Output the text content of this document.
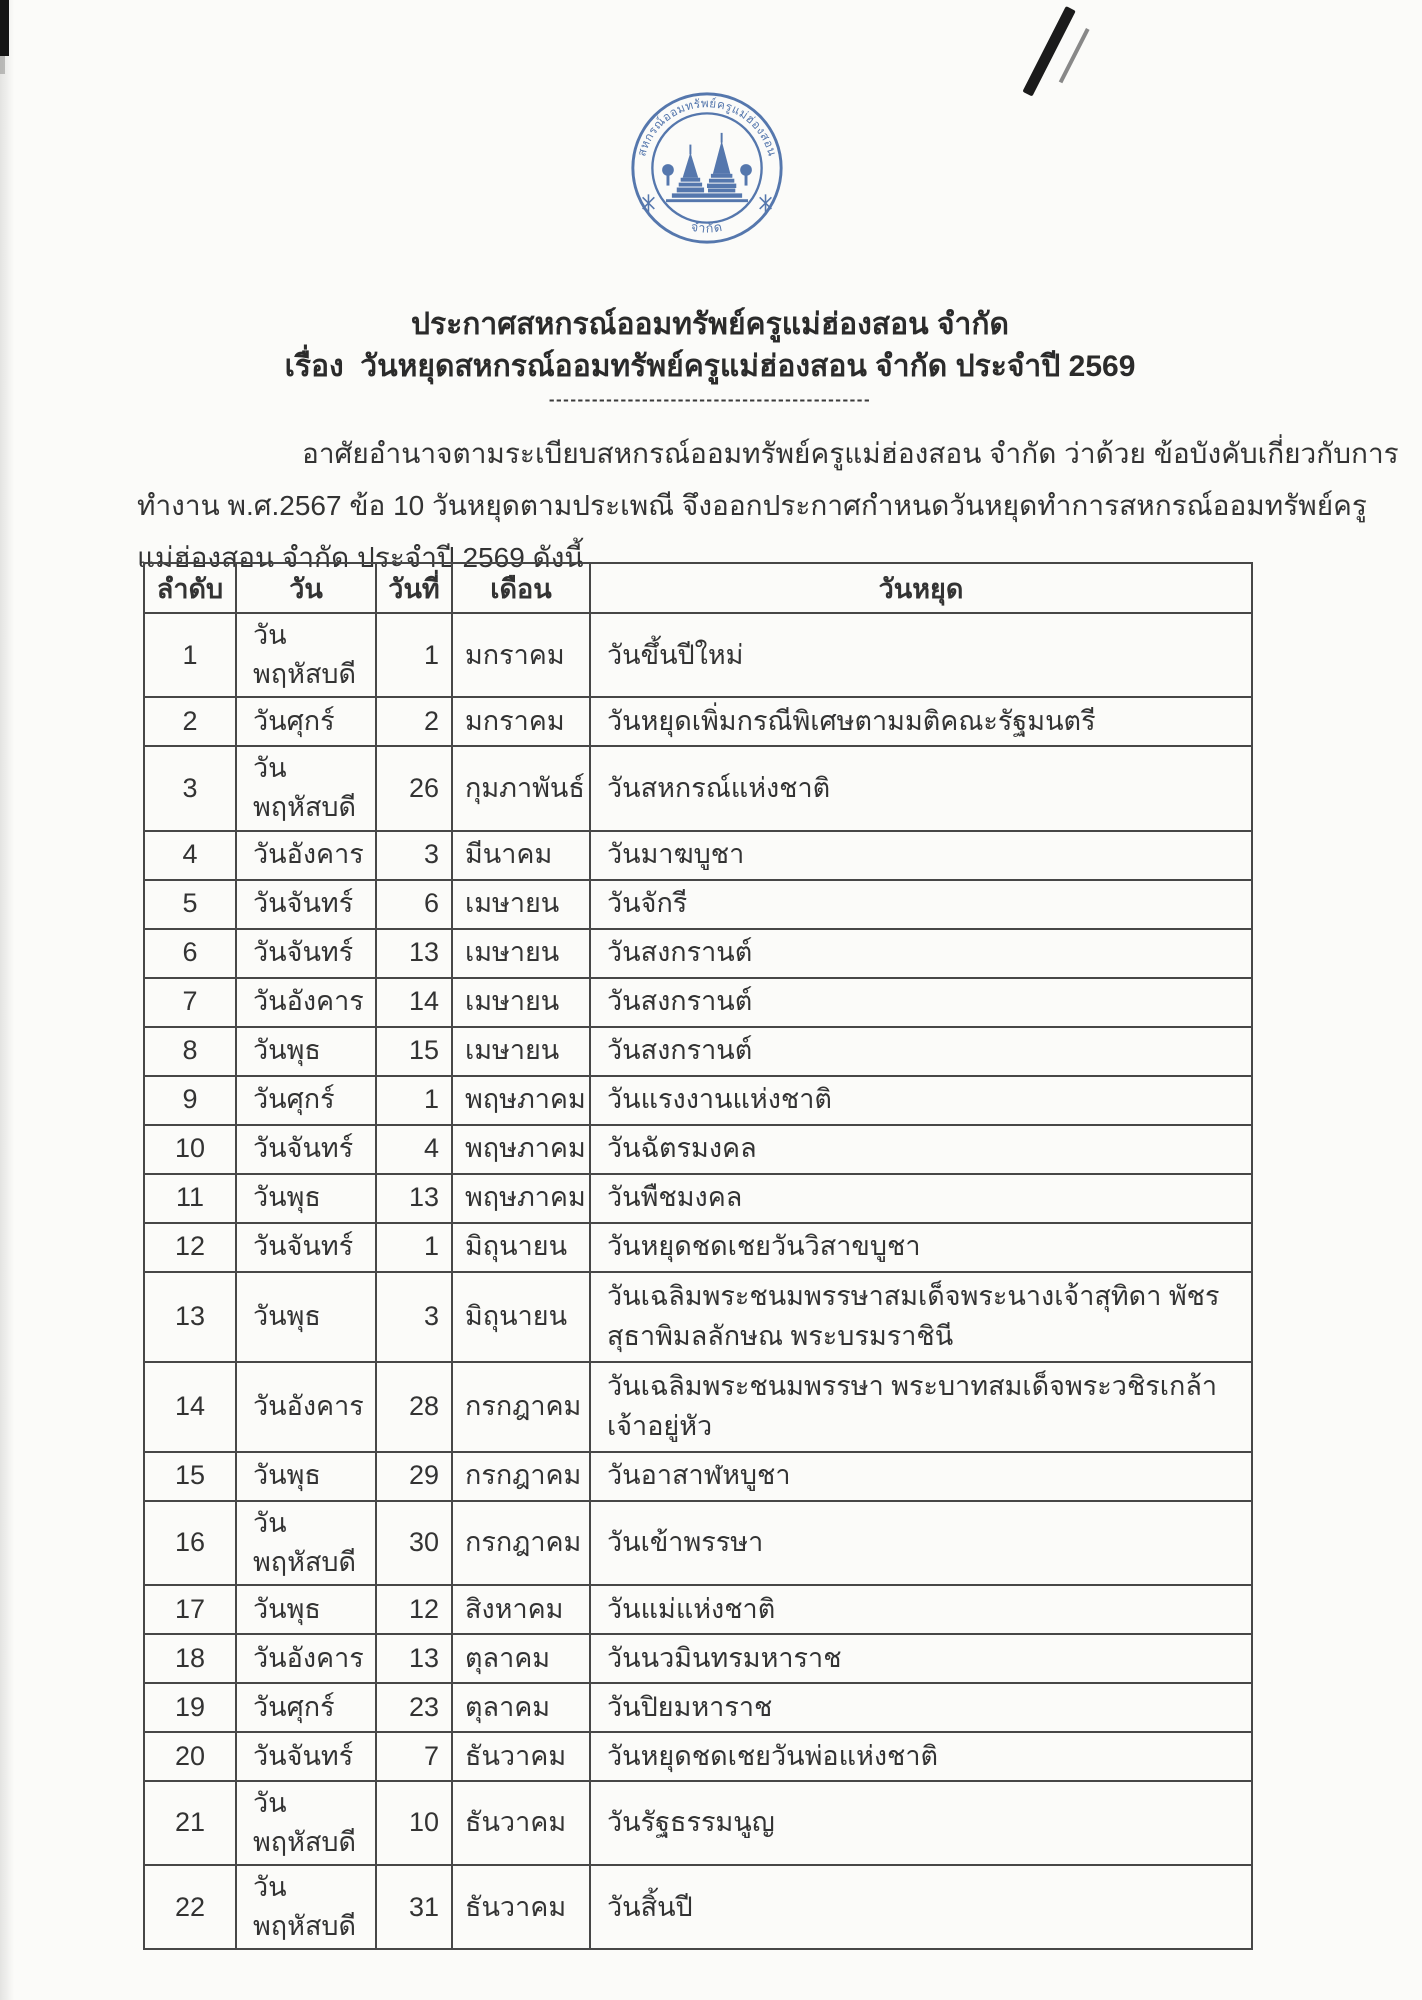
สหกรณ์ออมทรัพย์ครูแม่ฮ่องสอน
จำกัด
ประกาศสหกรณ์ออมทรัพย์ครูแม่ฮ่องสอน จำกัด
เรื่อง  วันหยุดสหกรณ์ออมทรัพย์ครูแม่ฮ่องสอน จำกัด ประจำปี 2569
---------------------------------------------
อาศัยอำนาจตามระเบียบสหกรณ์ออมทรัพย์ครูแม่ฮ่องสอน จำกัด ว่าด้วย ข้อบังคับเกี่ยวกับการ
ทำงาน พ.ศ.2567 ข้อ 10 วันหยุดตามประเพณี จึงออกประกาศกำหนดวันหยุดทำการสหกรณ์ออมทรัพย์ครู
แม่ฮ่องสอน จำกัด ประจำปี 2569 ดังนี้
ลำดับ	วัน	วันที่	เดือน	วันหยุด
1	วันพฤหัสบดี	1	มกราคม	วันขึ้นปีใหม่
2	วันศุกร์	2	มกราคม	วันหยุดเพิ่มกรณีพิเศษตามมติคณะรัฐมนตรี
3	วันพฤหัสบดี	26	กุมภาพันธ์	วันสหกรณ์แห่งชาติ
4	วันอังคาร	3	มีนาคม	วันมาฆบูชา
5	วันจันทร์	6	เมษายน	วันจักรี
6	วันจันทร์	13	เมษายน	วันสงกรานต์
7	วันอังคาร	14	เมษายน	วันสงกรานต์
8	วันพุธ	15	เมษายน	วันสงกรานต์
9	วันศุกร์	1	พฤษภาคม	วันแรงงานแห่งชาติ
10	วันจันทร์	4	พฤษภาคม	วันฉัตรมงคล
11	วันพุธ	13	พฤษภาคม	วันพืชมงคล
12	วันจันทร์	1	มิถุนายน	วันหยุดชดเชยวันวิสาขบูชา
13	วันพุธ	3	มิถุนายน	วันเฉลิมพระชนมพรรษาสมเด็จพระนางเจ้าสุทิดา พัชรสุธาพิมลลักษณ พระบรมราชินี
14	วันอังคาร	28	กรกฎาคม	วันเฉลิมพระชนมพรรษา พระบาทสมเด็จพระวชิรเกล้า เจ้าอยู่หัว
15	วันพุธ	29	กรกฎาคม	วันอาสาฬหบูชา
16	วันพฤหัสบดี	30	กรกฎาคม	วันเข้าพรรษา
17	วันพุธ	12	สิงหาคม	วันแม่แห่งชาติ
18	วันอังคาร	13	ตุลาคม	วันนวมินทรมหาราช
19	วันศุกร์	23	ตุลาคม	วันปิยมหาราช
20	วันจันทร์	7	ธันวาคม	วันหยุดชดเชยวันพ่อแห่งชาติ
21	วันพฤหัสบดี	10	ธันวาคม	วันรัฐธรรมนูญ
22	วันพฤหัสบดี	31	ธันวาคม	วันสิ้นปี
